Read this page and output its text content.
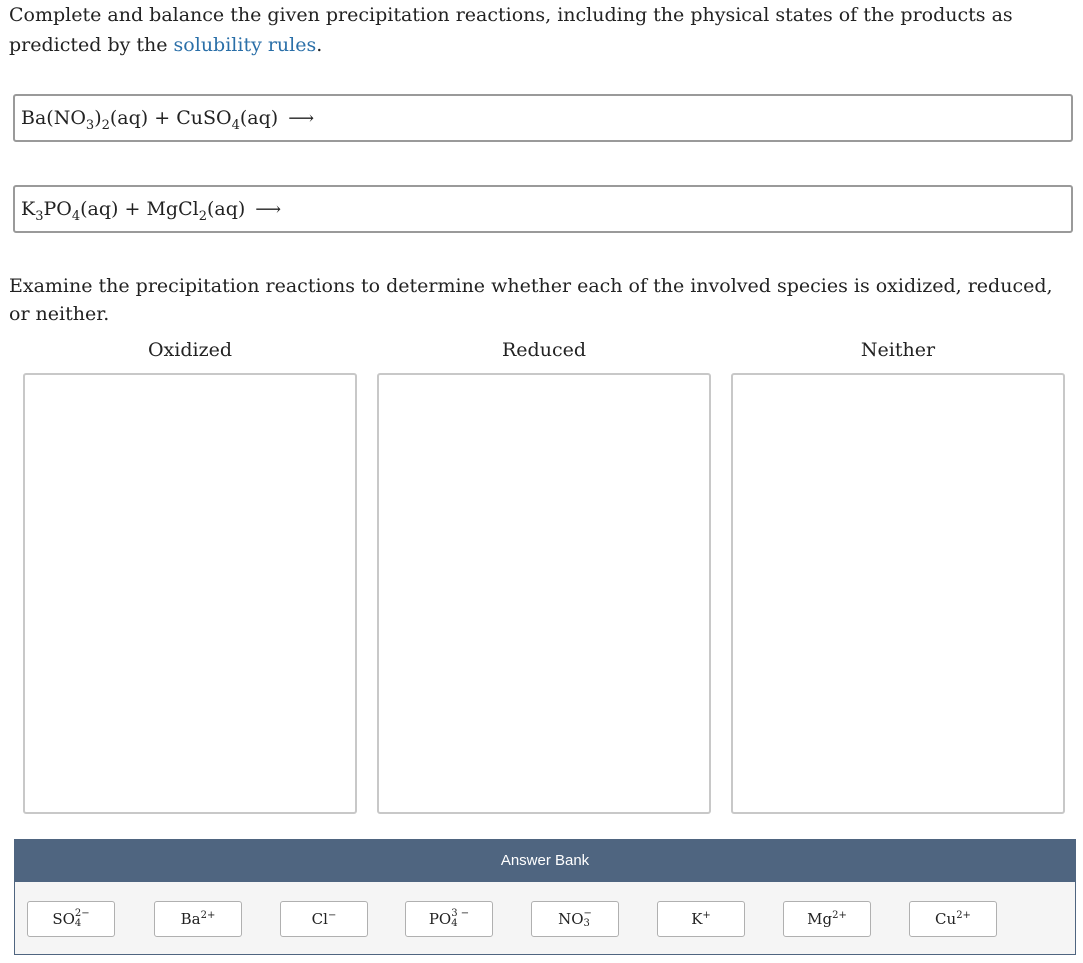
Complete and balance the given precipitation reactions, including the physical states of the products as predicted by the solubility rules.

$Ba(NO_3)_2(aq)$ + CuSO$_4$(aq) ⟶
$K_3PO_4(aq)$ + MgCl$_2$(aq) ⟶

Examine the precipitation reactions to determine whether each of the involved species is oxidized, reduced, or neither.

Oxidized	Reduced	Neither
Answer Bank
SO 2−
4	$Ba^{2+}$	Cl−	PO 3 −
4	NO −
3	K+	$Mg^{2+}$	$Cu^{2+}$
